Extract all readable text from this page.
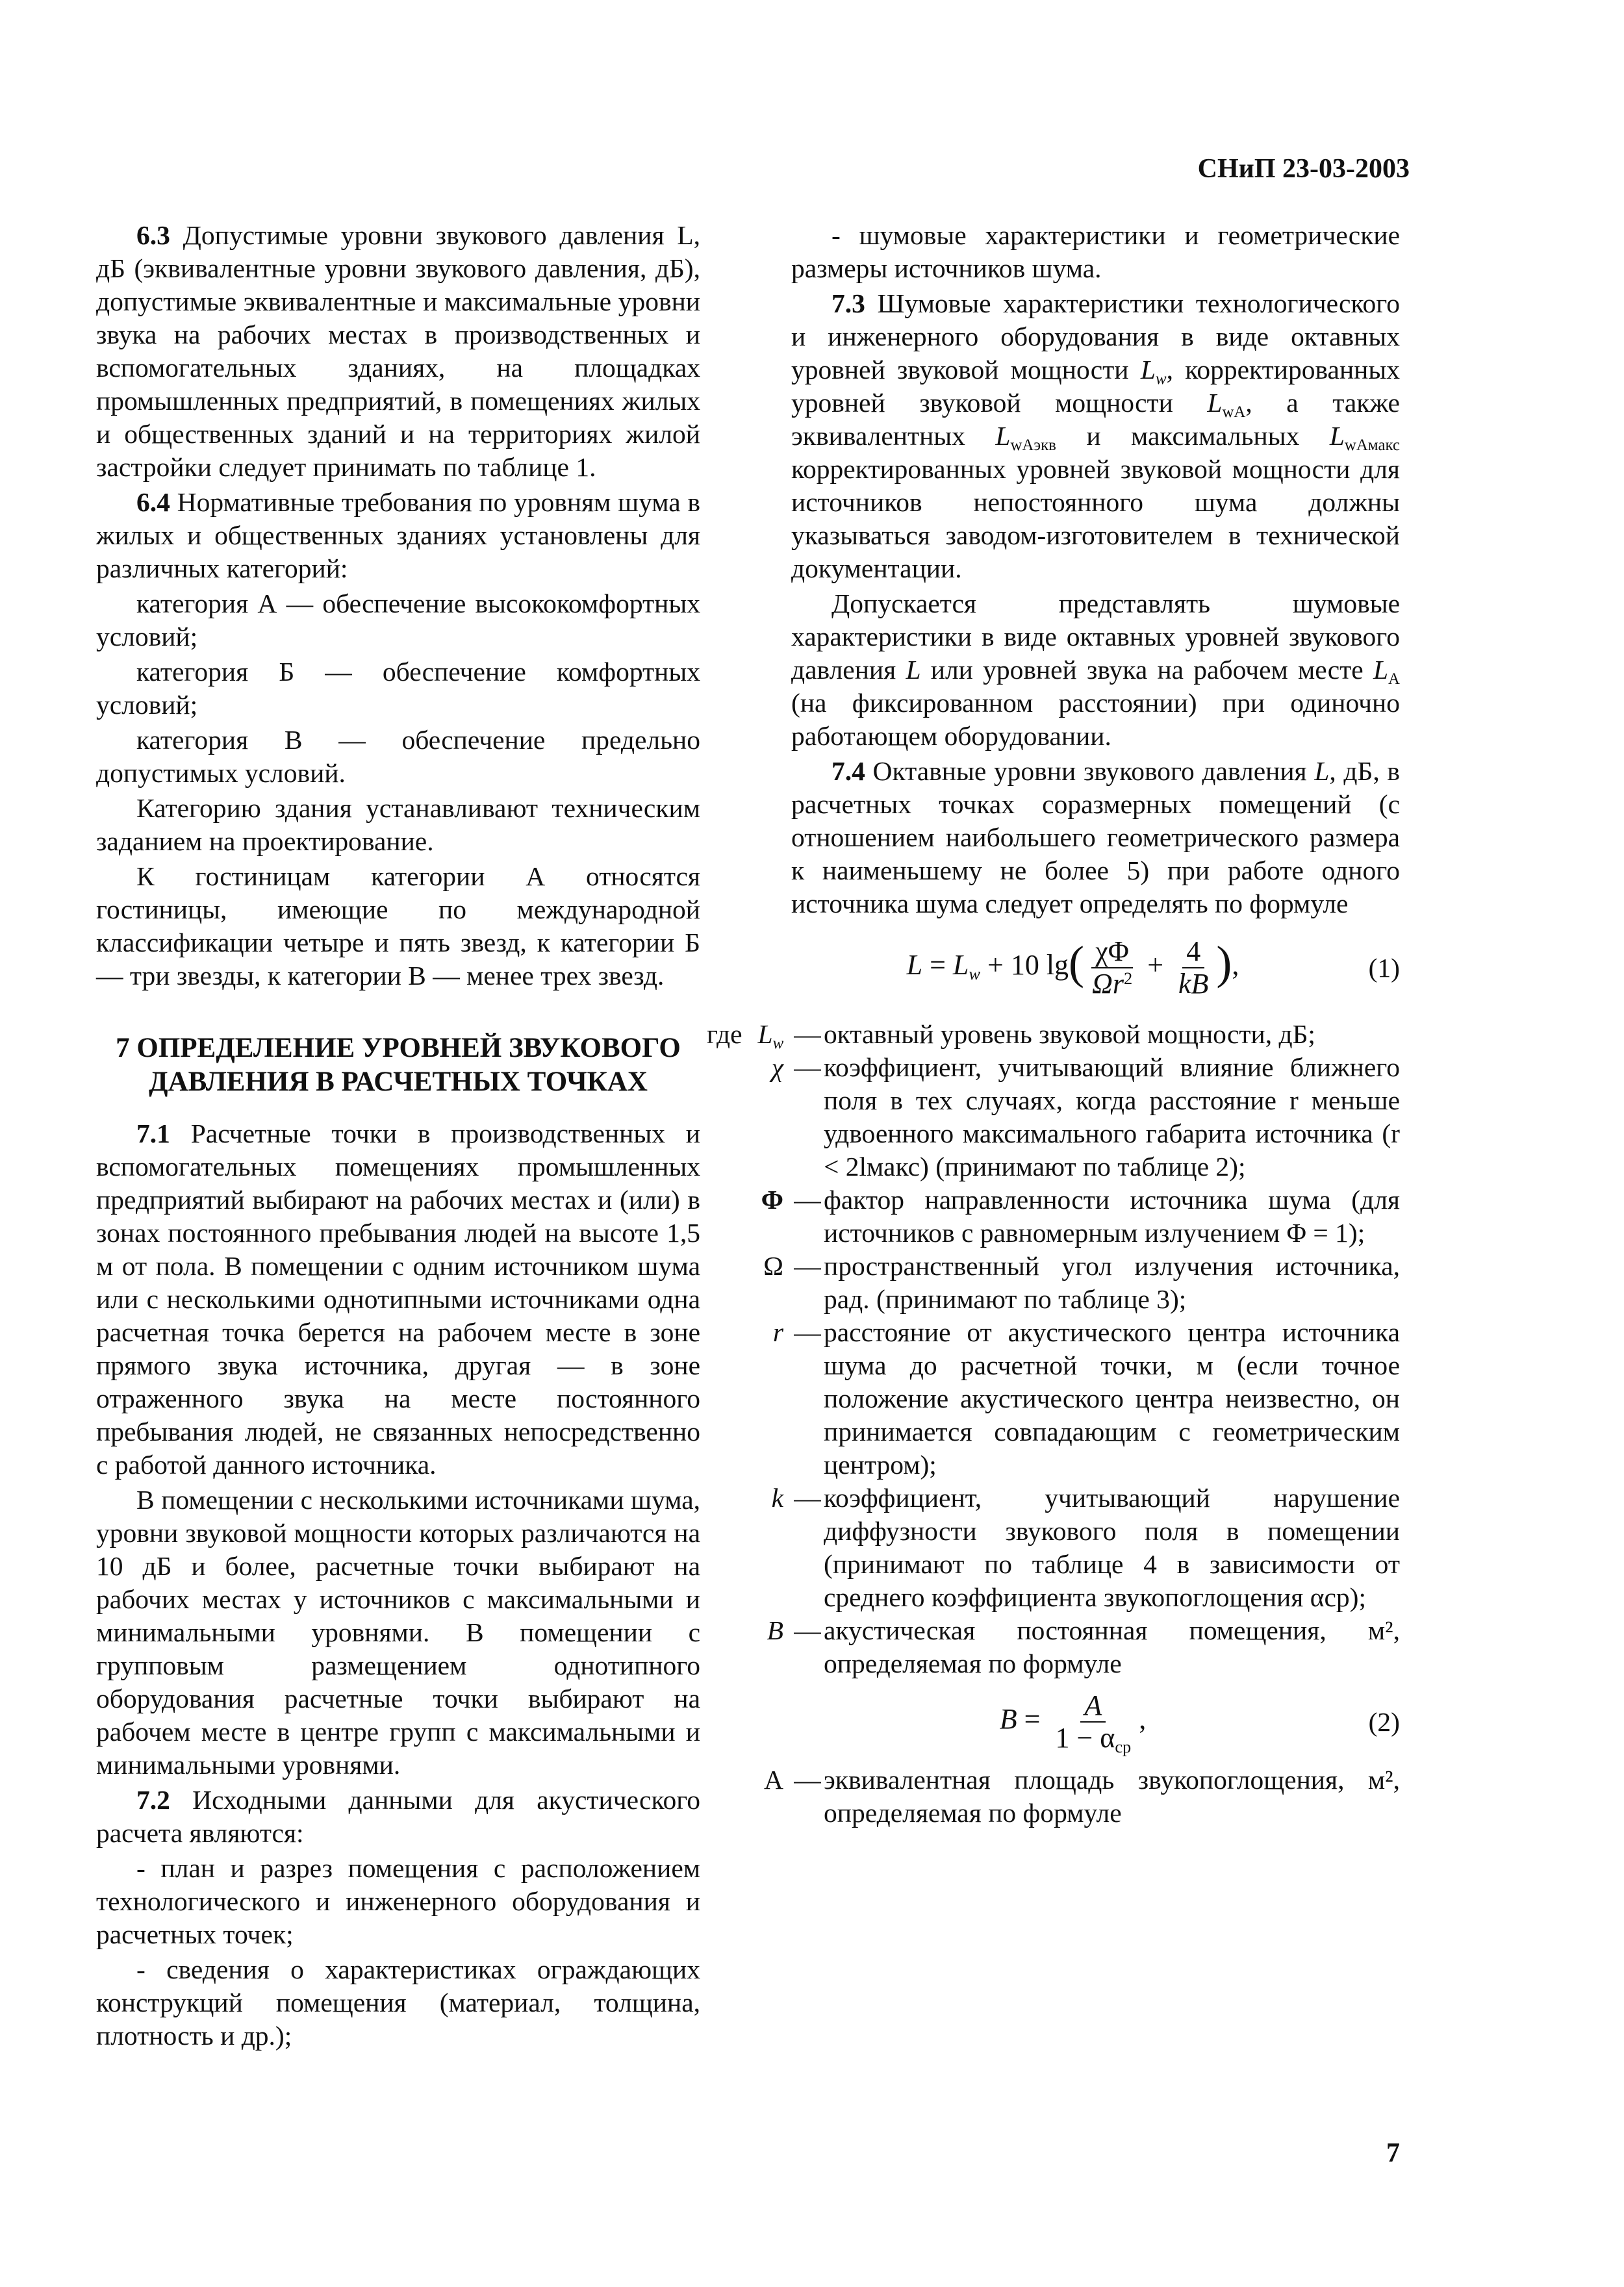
СНиП 23-03-2003

6.3 Допустимые уровни звукового давления L, дБ (эквивалентные уровни звукового давления, дБ), допустимые эквивалентные и максимальные уровни звука на рабочих местах в производственных и вспомогательных зданиях, на площадках промышленных предприятий, в помещениях жилых и общественных зданий и на территориях жилой застройки следует принимать по таблице 1.

6.4 Нормативные требования по уровням шума в жилых и общественных зданиях установлены для различных категорий:

категория А — обеспечение высококомфортных условий;

категория Б — обеспечение комфортных условий;

категория В — обеспечение предельно допустимых условий.

Категорию здания устанавливают техническим заданием на проектирование.

К гостиницам категории А относятся гостиницы, имеющие по международной классификации четыре и пять звезд, к категории Б — три звезды, к категории В — менее трех звезд.

7 ОПРЕДЕЛЕНИЕ УРОВНЕЙ ЗВУКОВОГО ДАВЛЕНИЯ В РАСЧЕТНЫХ ТОЧКАХ

7.1 Расчетные точки в производственных и вспомогательных помещениях промышленных предприятий выбирают на рабочих местах и (или) в зонах постоянного пребывания людей на высоте 1,5 м от пола. В помещении с одним источником шума или с несколькими однотипными источниками одна расчетная точка берется на рабочем месте в зоне прямого звука источника, другая — в зоне отраженного звука на месте постоянного пребывания людей, не связанных непосредственно с работой данного источника.

В помещении с несколькими источниками шума, уровни звуковой мощности которых различаются на 10 дБ и более, расчетные точки выбирают на рабочих местах у источников с максимальными и минимальными уровнями. В помещении с групповым размещением однотипного оборудования расчетные точки выбирают на рабочем месте в центре групп с максимальными и минимальными уровнями.

7.2 Исходными данными для акустического расчета являются:

- план и разрез помещения с расположением технологического и инженерного оборудования и расчетных точек;

- сведения о характеристиках ограждающих конструкций помещения (материал, толщина, плотность и др.);

- шумовые характеристики и геометрические размеры источников шума.

7.3 Шумовые характеристики технологического и инженерного оборудования в виде октавных уровней звуковой мощности $L_w$, корректированных уровней звуковой мощности $L_{wA}$, а также эквивалентных $L_{wAэкв}$ и максимальных $L_{wAмакс}$ корректированных уровней звуковой мощности для источников непостоянного шума должны указываться заводом-изготовителем в технической документации.

Допускается представлять шумовые характеристики в виде октавных уровней звукового давления L или уровней звука на рабочем месте $L_A$ (на фиксированном расстоянии) при одиночно работающем оборудовании.

7.4 Октавные уровни звукового давления L, дБ, в расчетных точках соразмерных помещений (с отношением наибольшего геометрического размера к наименьшему не более 5) при работе одного источника шума следует определять по формуле

$L = L_w + 10$ $\lg( \frac{\chi\Phi}{\Omega r^2} + \frac{4}{kB}$ ),	(1)
где $L_w$ — октавный уровень звуковой мощности, дБ;
χ — коэффициент, учитывающий влияние ближнего поля в тех случаях, когда расстояние r меньше удвоенного максимального габарита источника (r < 2lмакс) (принимают по таблице 2);
Φ — фактор направленности источника шума (для источников с равномерным излучением Φ = 1);
Ω — пространственный угол излучения источника, рад. (принимают по таблице 3);
r — расстояние от акустического центра источника шума до расчетной точки, м (если точное положение акустического центра неизвестно, он принимается совпадающим с геометрическим центром);
k — коэффициент, учитывающий нарушение диффузности звукового поля в помещении (принимают по таблице 4 в зависимости от среднего коэффициента звукопоглощения αср);
B — акустическая постоянная помещения, м², определяемая по формуле
$B = \frac{A}{1 - \alpha_{ср}}$ ,	(2)
A — эквивалентная площадь звукопоглощения, м², определяемая по формуле
7
